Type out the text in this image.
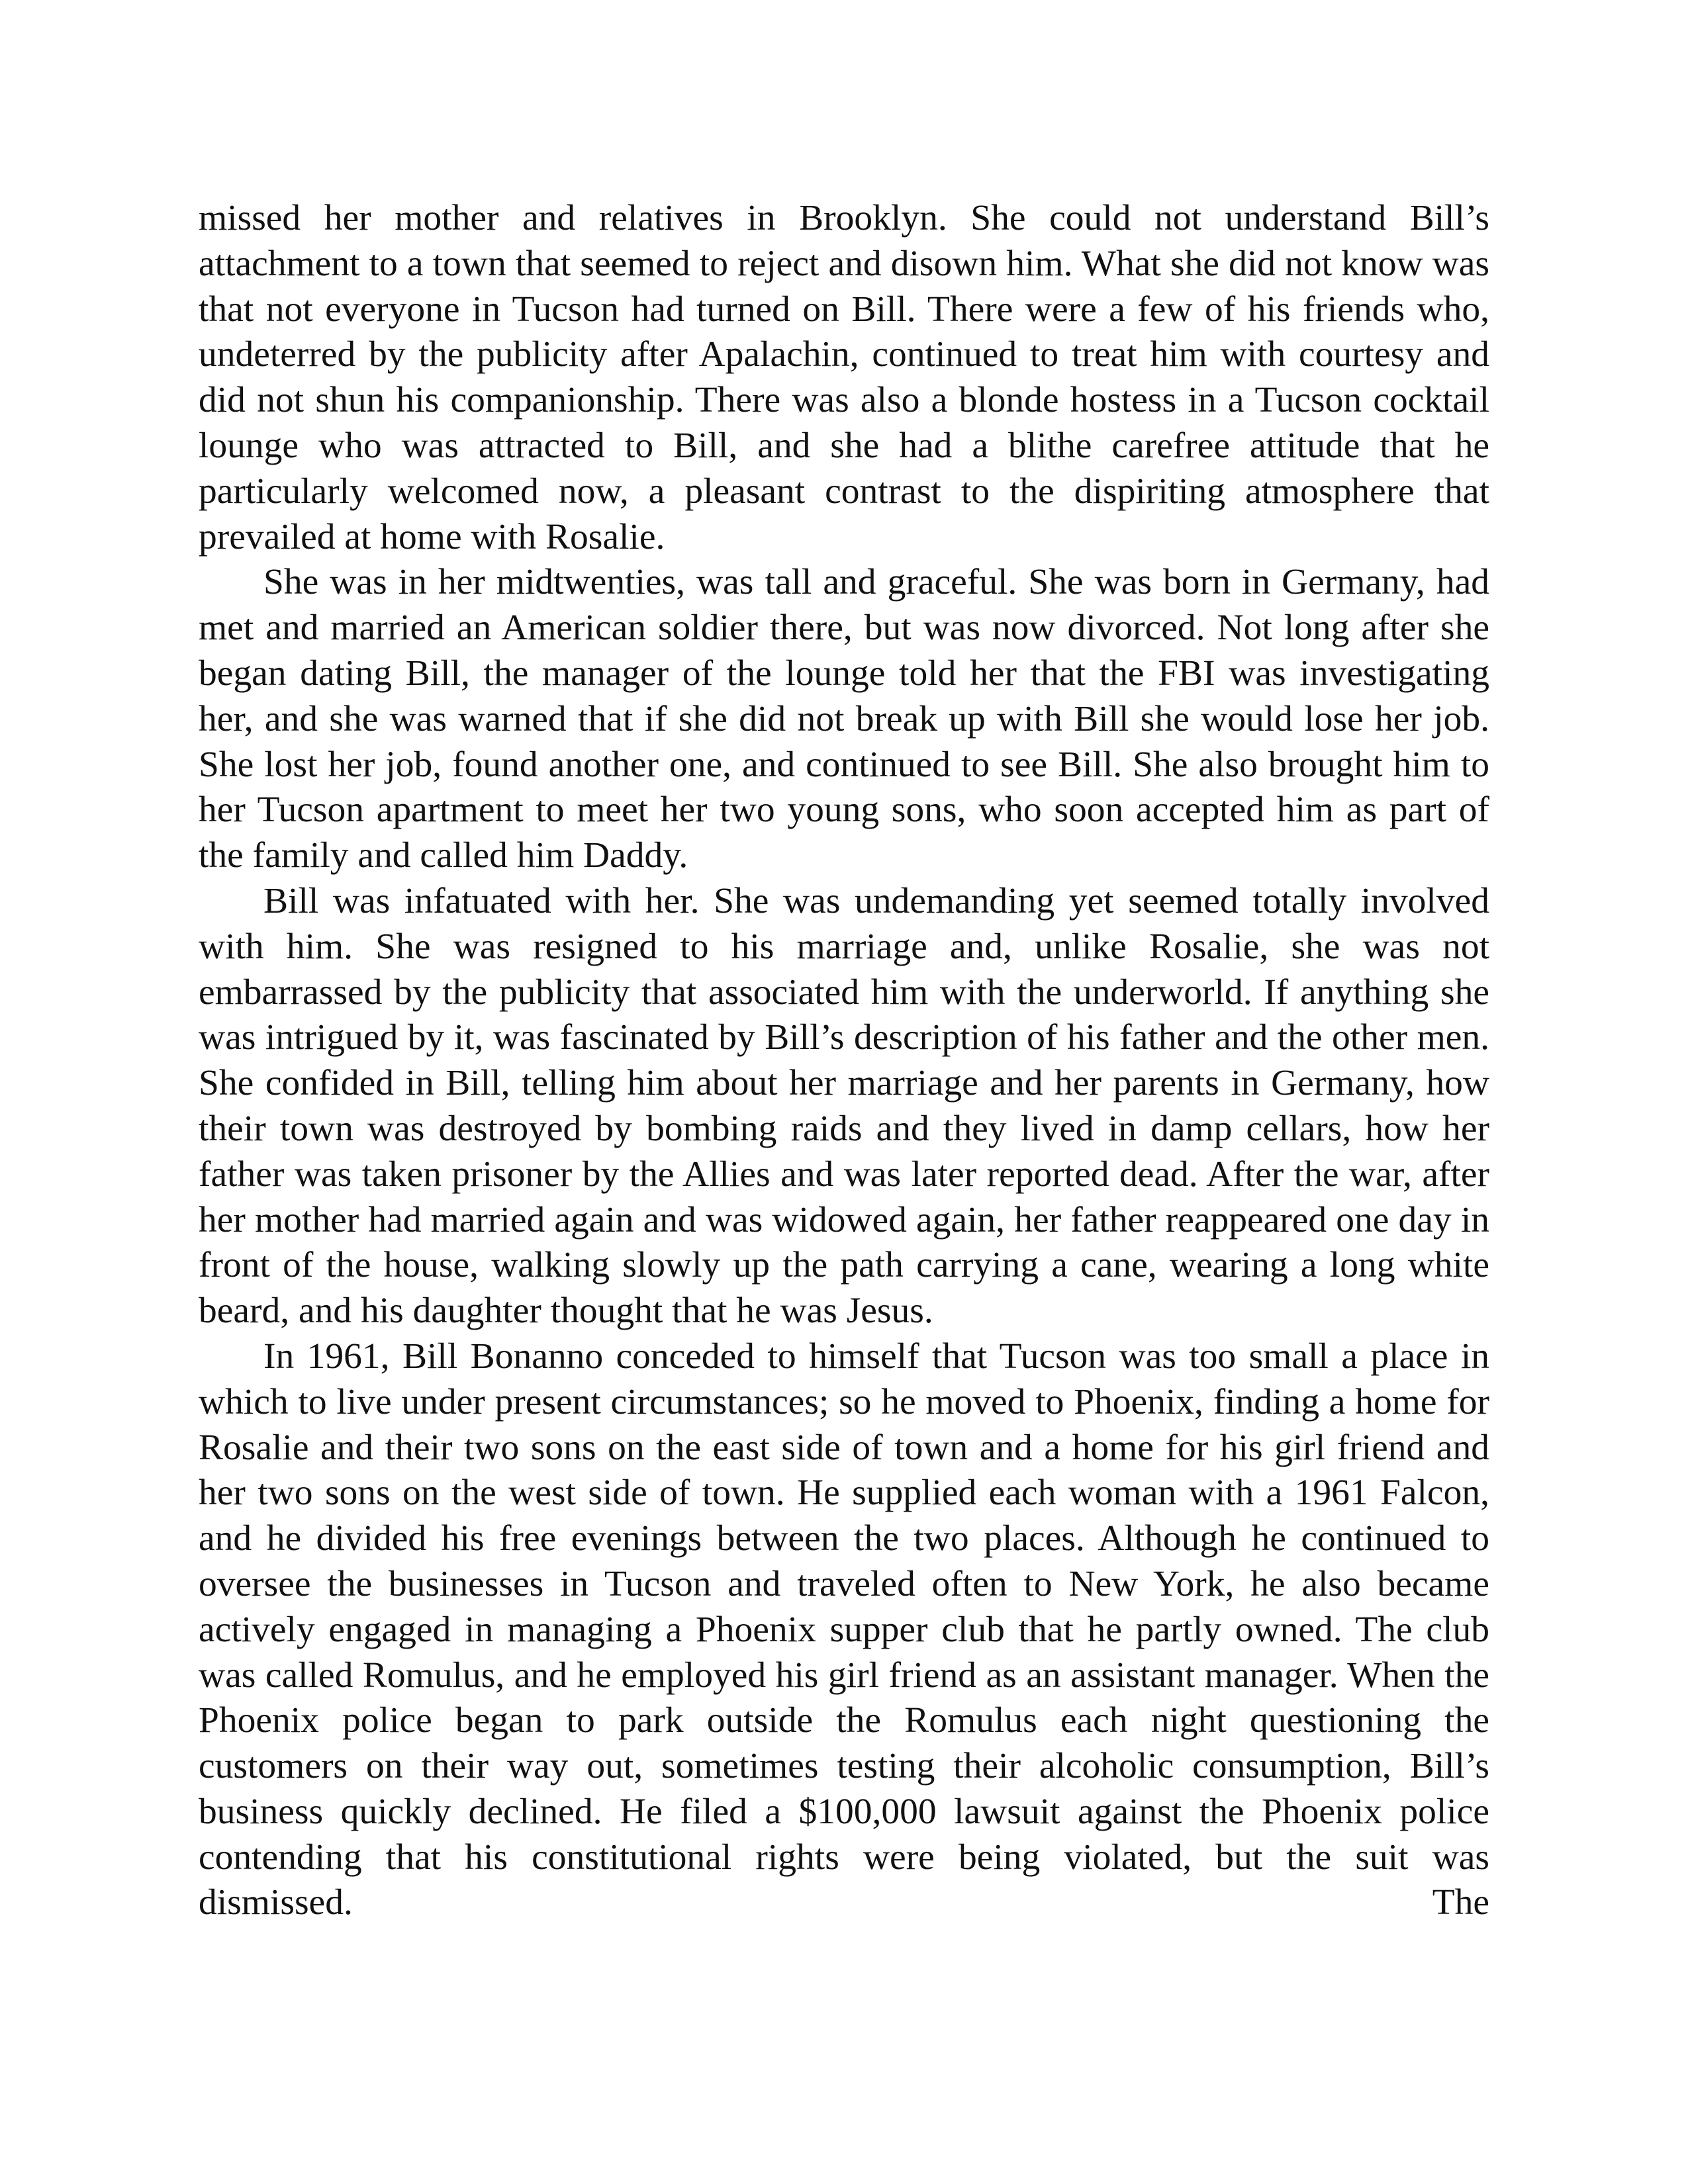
missed her mother and relatives in Brooklyn. She could not understand Bill’s attachment to a town that seemed to reject and disown him. What she did not know was that not everyone in Tucson had turned on Bill. There were a few of his friends who, undeterred by the publicity after Apalachin, continued to treat him with courtesy and did not shun his companionship. There was also a blonde hostess in a Tucson cocktail lounge who was attracted to Bill, and she had a blithe carefree attitude that he particularly welcomed now, a pleasant contrast to the dispiriting atmosphere that prevailed at home with Rosalie.

She was in her midtwenties, was tall and graceful. She was born in Germany, had met and married an American soldier there, but was now divorced. Not long after she began dating Bill, the manager of the lounge told her that the FBI was investigating her, and she was warned that if she did not break up with Bill she would lose her job. She lost her job, found another one, and continued to see Bill. She also brought him to her Tucson apartment to meet her two young sons, who soon accepted him as part of the family and called him Daddy.

Bill was infatuated with her. She was undemanding yet seemed totally involved with him. She was resigned to his marriage and, unlike Rosalie, she was not embarrassed by the publicity that associated him with the underworld. If anything she was intrigued by it, was fascinated by Bill’s description of his father and the other men. She confided in Bill, telling him about her marriage and her parents in Germany, how their town was destroyed by bombing raids and they lived in damp cellars, how her father was taken prisoner by the Allies and was later reported dead. After the war, after her mother had married again and was widowed again, her father reappeared one day in front of the house, walking slowly up the path carrying a cane, wearing a long white beard, and his daughter thought that he was Jesus.

In 1961, Bill Bonanno conceded to himself that Tucson was too small a place in which to live under present circumstances; so he moved to Phoenix, finding a home for Rosalie and their two sons on the east side of town and a home for his girl friend and her two sons on the west side of town. He supplied each woman with a 1961 Falcon, and he divided his free evenings between the two places. Although he continued to oversee the businesses in Tucson and traveled often to New York, he also became actively engaged in managing a Phoenix supper club that he partly owned. The club was called Romulus, and he employed his girl friend as an assistant manager. When the Phoenix police began to park outside the Romulus each night questioning the customers on their way out, sometimes testing their alcoholic consumption, Bill’s business quickly declined. He filed a $100,000 lawsuit against the Phoenix police contending that his constitutional rights were being violated, but the suit was dismissed. The
